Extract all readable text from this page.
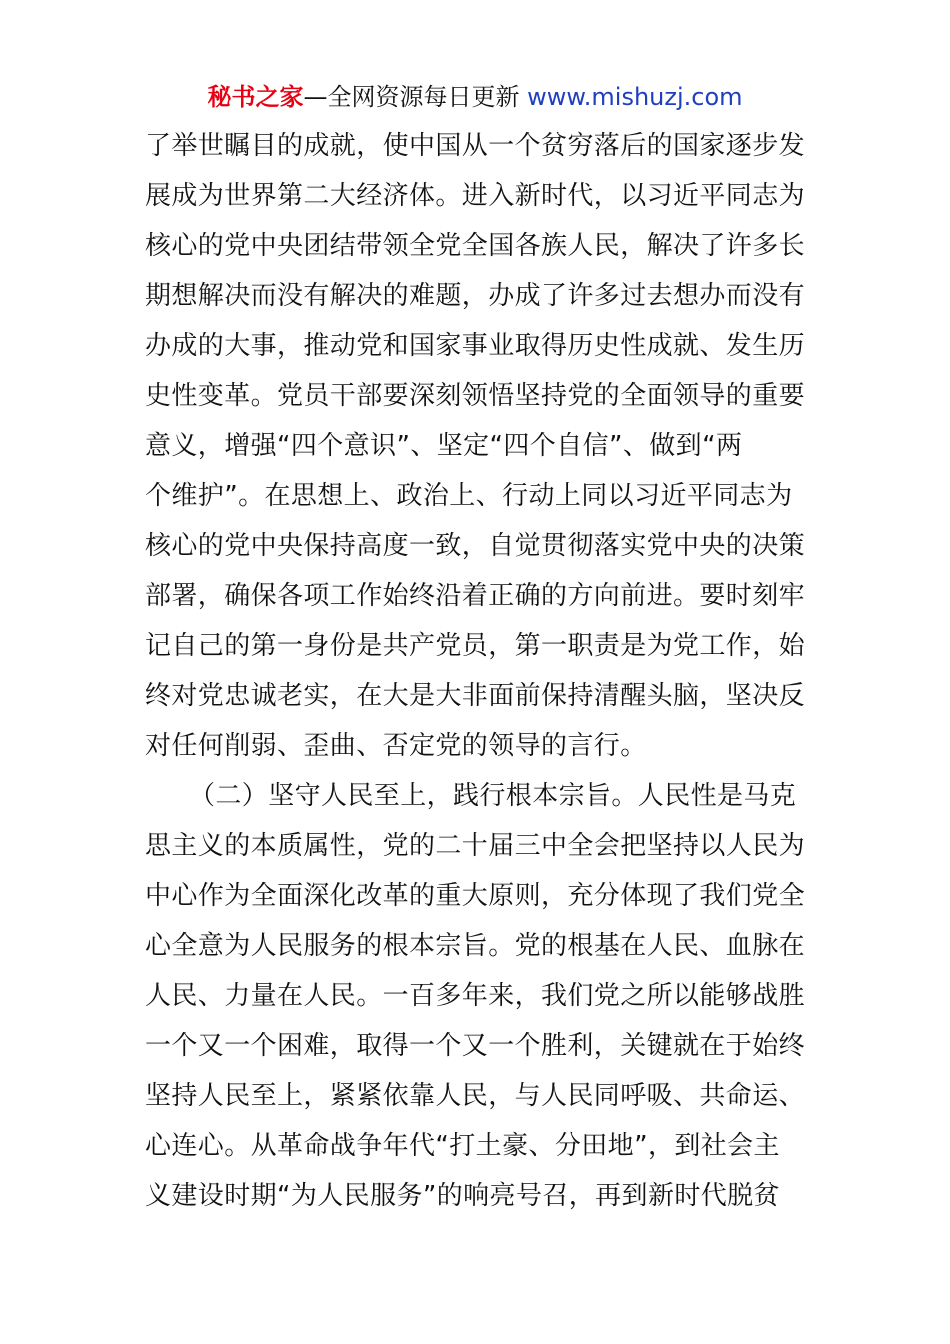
秘书之家—全网资源每日更新 www.mishuzj.com
了举世瞩目的成就，使中国从一个贫穷落后的国家逐步发
展成为世界第二大经济体。进入新时代，以习近平同志为
核心的党中央团结带领全党全国各族人民，解决了许多长
期想解决而没有解决的难题，办成了许多过去想办而没有
办成的大事，推动党和国家事业取得历史性成就、发生历
史性变革。党员干部要深刻领悟坚持党的全面领导的重要
意义，增强“四个意识”、坚定“四个自信”、做到“两
个维护”。在思想上、政治上、行动上同以习近平同志为
核心的党中央保持高度一致，自觉贯彻落实党中央的决策
部署，确保各项工作始终沿着正确的方向前进。要时刻牢
记自己的第一身份是共产党员，第一职责是为党工作，始
终对党忠诚老实，在大是大非面前保持清醒头脑，坚决反
对任何削弱、歪曲、否定党的领导的言行。
（二）坚守人民至上，践行根本宗旨。人民性是马克
思主义的本质属性，党的二十届三中全会把坚持以人民为
中心作为全面深化改革的重大原则，充分体现了我们党全
心全意为人民服务的根本宗旨。党的根基在人民、血脉在
人民、力量在人民。一百多年来，我们党之所以能够战胜
一个又一个困难，取得一个又一个胜利，关键就在于始终
坚持人民至上，紧紧依靠人民，与人民同呼吸、共命运、
心连心。从革命战争年代“打土豪、分田地”，到社会主
义建设时期“为人民服务”的响亮号召，再到新时代脱贫
